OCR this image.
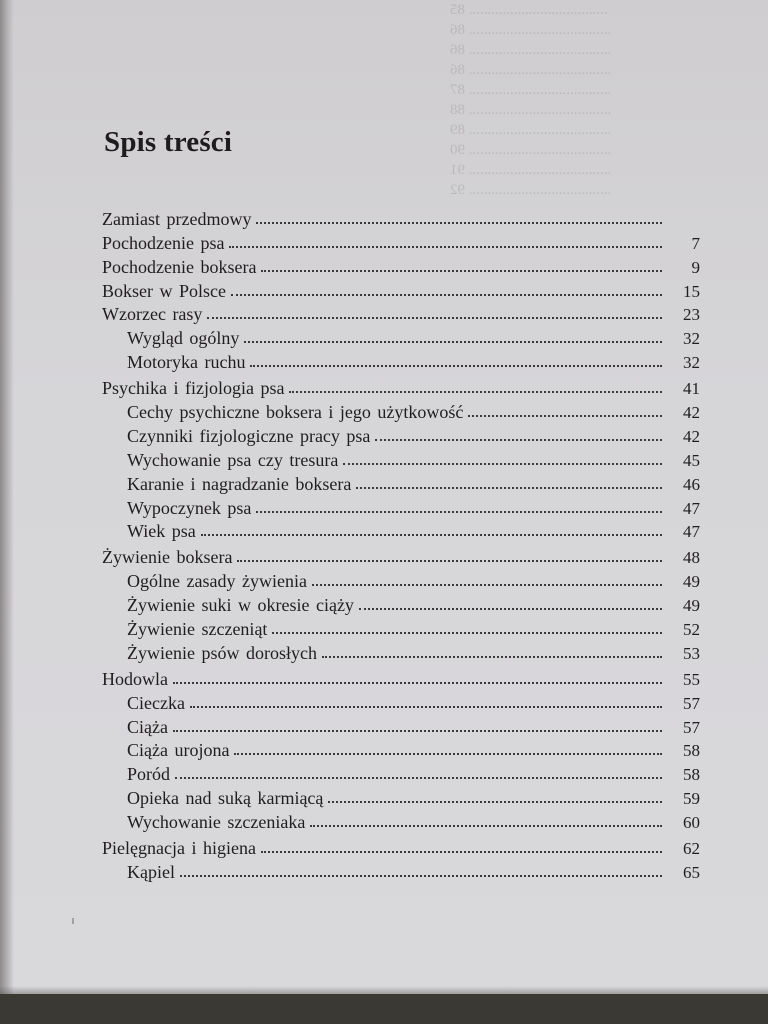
..................................... 85
...................................... 86
...................................... 86
...................................... 86
...................................... 87
...................................... 88
...................................... 89
...................................... 90
...................................... 91
...................................... 92
Spis treści
Zamiast przedmowy
Pochodzenie psa	7
Pochodzenie boksera	9
Bokser w Polsce	15
Wzorzec rasy	23
Wygląd ogólny	32
Motoryka ruchu	32
Psychika i fizjologia psa	41
Cechy psychiczne boksera i jego użytkowość	42
Czynniki fizjologiczne pracy psa	42
Wychowanie psa czy tresura	45
Karanie i nagradzanie boksera	46
Wypoczynek psa	47
Wiek psa	47
Żywienie boksera	48
Ogólne zasady żywienia	49
Żywienie suki w okresie ciąży	49
Żywienie szczeniąt	52
Żywienie psów dorosłych	53
Hodowla	55
Cieczka	57
Ciąża	57
Ciąża urojona	58
Poród	58
Opieka nad suką karmiącą	59
Wychowanie szczeniaka	60
Pielęgnacja i higiena	62
Kąpiel	65
